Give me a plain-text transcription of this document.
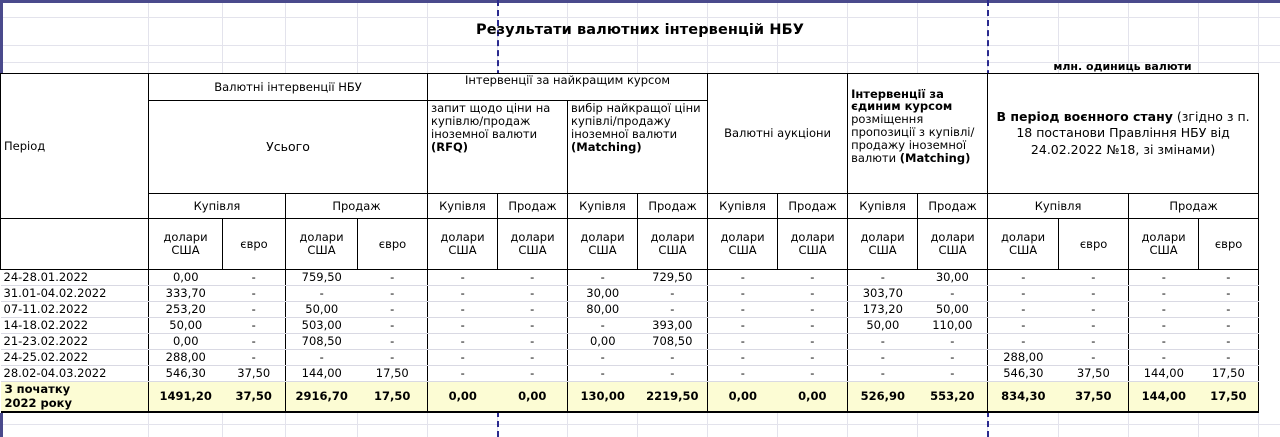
Результати валютних інтервенцій НБУ
млн. одиниць валюти
Період	Валютні інтервенції НБУ				Інтервенції за найкращим курсом				Валютні аукціони		Інтервенції за єдиним курсом розміщення пропозиції з купівлі/продажу іноземної валюти (Matching)		В період воєнного стану (згідно з п. 18 постанови Правління НБУ від 24.02.2022 №18, зі змінами)			
	Усього				запит щодо ціни на купівлю/продаж іноземної валюти (RFQ)		вибір найкращої ціни купівлі/продажу іноземної валюти (Matching)									

	Купівля		Продаж		Купівля	Продаж	Купівля	Продаж	Купівля	Продаж	Купівля	Продаж	Купівля		Продаж	
	долари США	євро	долари США	євро	долари США	долари США	долари США	долари США	долари США	долари США	долари США	долари США	долари США	євро	долари США	євро
24-28.01.2022	0,00	-	759,50	-	-	-	-	729,50	-	-	-	30,00	-	-	-	-
31.01-04.02.2022	333,70	-	-	-	-	-	30,00	-	-	-	303,70	-	-	-	-	-
07-11.02.2022	253,20	-	50,00	-	-	-	80,00	-	-	-	173,20	50,00	-	-	-	-
14-18.02.2022	50,00	-	503,00	-	-	-	-	393,00	-	-	50,00	110,00	-	-	-	-
21-23.02.2022	0,00	-	708,50	-	-	-	0,00	708,50	-	-	-	-	-	-	-	-
24-25.02.2022	288,00	-	-	-	-	-	-	-	-	-	-	-	288,00	-	-	-
28.02-04.03.2022	546,30	37,50	144,00	17,50	-	-	-	-	-	-	-	-	546,30	37,50	144,00	17,50
З початку
2022 року	1491,20	37,50	2916,70	17,50	0,00	0,00	130,00	2219,50	0,00	0,00	526,90	553,20	834,30	37,50	144,00	17,50
